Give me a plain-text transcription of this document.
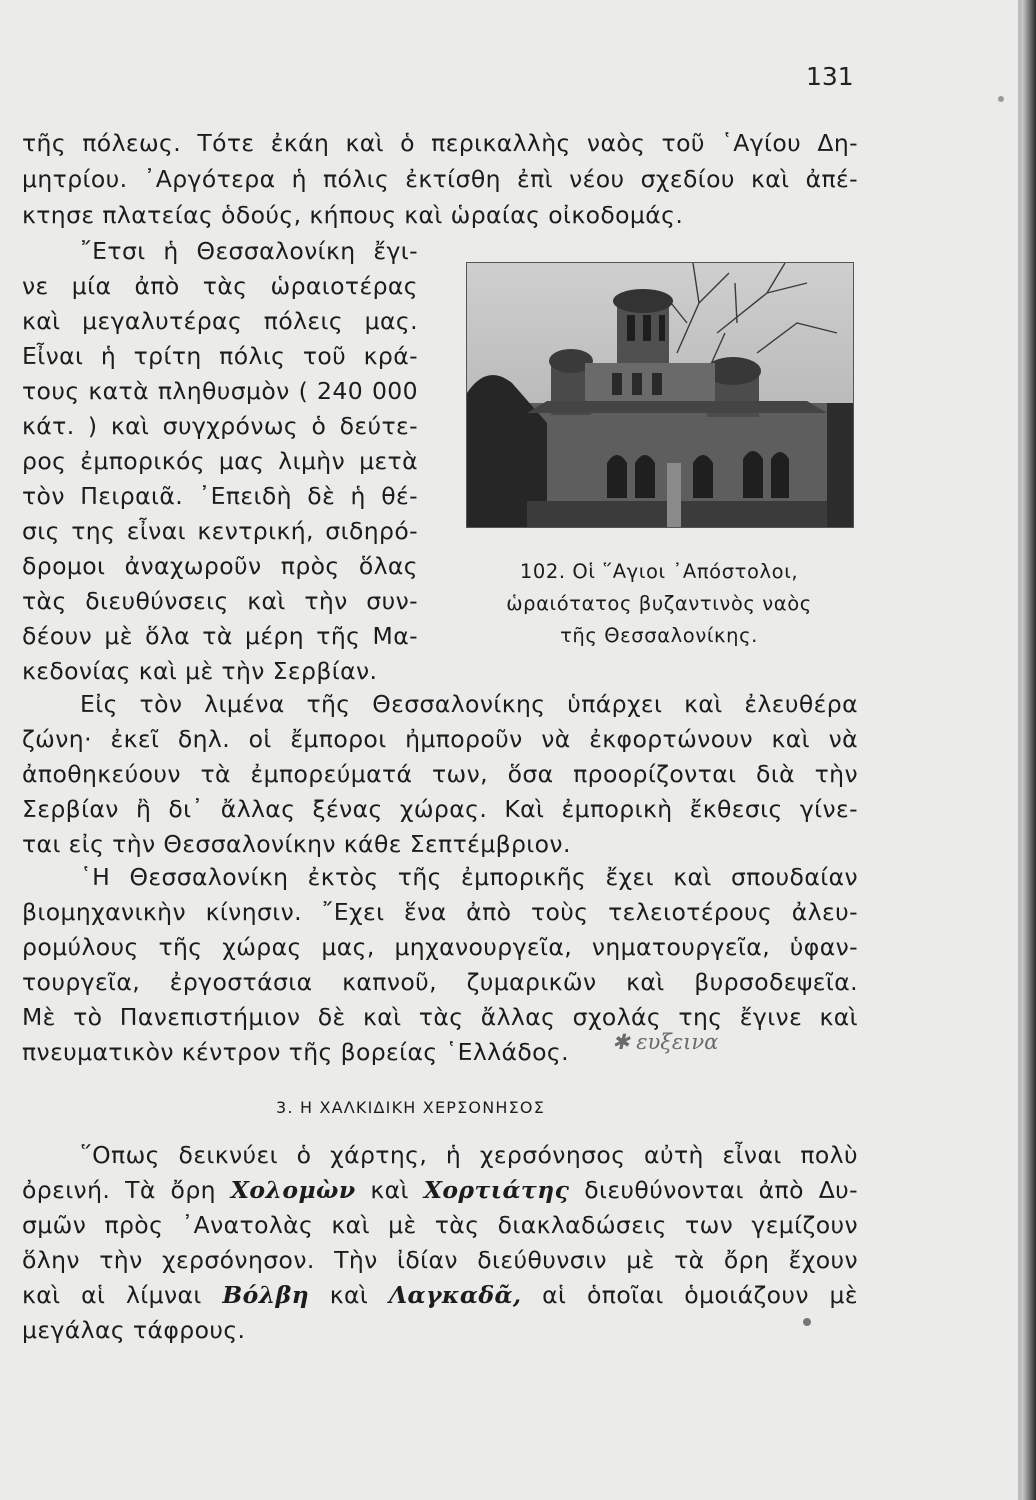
131
τῆς πόλεως. Τότε ἐκάη καὶ ὁ περικαλλὴς ναὸς τοῦ ῾Αγίου Δη-
μητρίου. ᾿Αργότερα ἡ πόλις ἐκτίσθη ἐπὶ νέου σχεδίου καὶ ἀπέ-
κτησε πλατείας ὁδούς, κήπους καὶ ὡραίας οἰκοδομάς.
῎Ετσι ἡ Θεσσαλονίκη ἔγι-
νε μία ἀπὸ τὰς ὡραιοτέρας
καὶ μεγαλυτέρας πόλεις μας.
Εἶναι ἡ τρίτη πόλις τοῦ κρά-
τους κατὰ πληθυσμὸν ( 240 000
κάτ. ) καὶ συγχρόνως ὁ δεύτε-
ρος ἐμπορικός μας λιμὴν μετὰ
τὸν Πειραιᾶ. ᾿Επειδὴ δὲ ἡ θέ-
σις της εἶναι κεντρική, σιδηρό-
δρομοι ἀναχωροῦν πρὸς ὅλας
τὰς διευθύνσεις καὶ τὴν συν-
δέουν μὲ ὅλα τὰ μέρη τῆς Μα-
κεδονίας καὶ μὲ τὴν Σερβίαν.
102. Οἱ ῞Αγιοι ᾿Απόστολοι,
ὡραιότατος βυζαντινὸς ναὸς
τῆς Θεσσαλονίκης.
Εἰς τὸν λιμένα τῆς Θεσσαλονίκης ὑπάρχει καὶ ἐλευθέρα
ζώνη· ἐκεῖ δηλ. οἱ ἔμποροι ἠμποροῦν νὰ ἐκφορτώνουν καὶ νὰ
ἀποθηκεύουν τὰ ἐμπορεύματά των, ὅσα προορίζονται διὰ τὴν
Σερβίαν ἢ δι᾿ ἄλλας ξένας χώρας. Καὶ ἐμπορικὴ ἔκθεσις γίνε-
ται εἰς τὴν Θεσσαλονίκην κάθε Σεπτέμβριον.
῾Η Θεσσαλονίκη ἐκτὸς τῆς ἐμπορικῆς ἔχει καὶ σπουδαίαν
βιομηχανικὴν κίνησιν. ῎Εχει ἕνα ἀπὸ τοὺς τελειοτέρους ἀλευ-
ρομύλους τῆς χώρας μας, μηχανουργεῖα, νηματουργεῖα, ὑφαν-
τουργεῖα, ἐργοστάσια καπνοῦ, ζυμαρικῶν καὶ βυρσοδεψεῖα.
Μὲ τὸ Πανεπιστήμιον δὲ καὶ τὰς ἄλλας σχολάς της ἔγινε καὶ
πνευματικὸν κέντρον τῆς βορείας ῾Ελλάδος.	✱ ευξεινα
3. Η ΧΑΛΚΙΔΙΚΗ ΧΕΡΣΟΝΗΣΟΣ
῞Οπως δεικνύει ὁ χάρτης, ἡ χερσόνησος αὐτὴ εἶναι πολὺ
ὀρεινή. Τὰ ὄρη Χολομὼν καὶ Χορτιάτης διευθύνονται ἀπὸ Δυ-
σμῶν πρὸς ᾿Ανατολὰς καὶ μὲ τὰς διακλαδώσεις των γεμίζουν
ὅλην τὴν χερσόνησον. Τὴν ἰδίαν διεύθυνσιν μὲ τὰ ὄρη ἔχουν
καὶ αἱ λίμναι Βόλβη καὶ Λαγκαδᾶ, αἱ ὁποῖαι ὁμοιάζουν μὲ
μεγάλας τάφρους.
